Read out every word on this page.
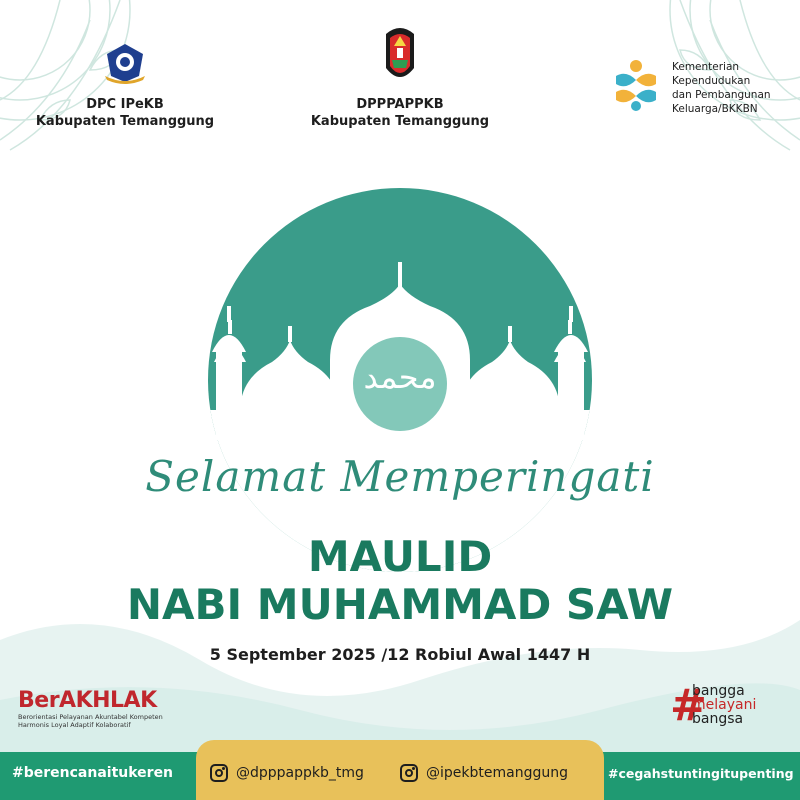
DPC IPeKB
Kabupaten Temanggung
DPPPAPPKB
Kabupaten Temanggung
Kementerian
Kependudukan
dan Pembangunan
Keluarga/BKKBN
محمد
Selamat Memperingati
MAULID
NABI MUHAMMAD SAW
5 September 2025 /12 Robiul Awal 1447 H
BerAKHLAK
Berorientasi Pelayanan Akuntabel Kompeten
Harmonis Loyal Adaptif Kolaboratif	#
bangga
melayani
bangsa
#berencanaitukeren	@dpppappkb_tmg	@ipekbtemanggung	#cegahstuntingitupenting
